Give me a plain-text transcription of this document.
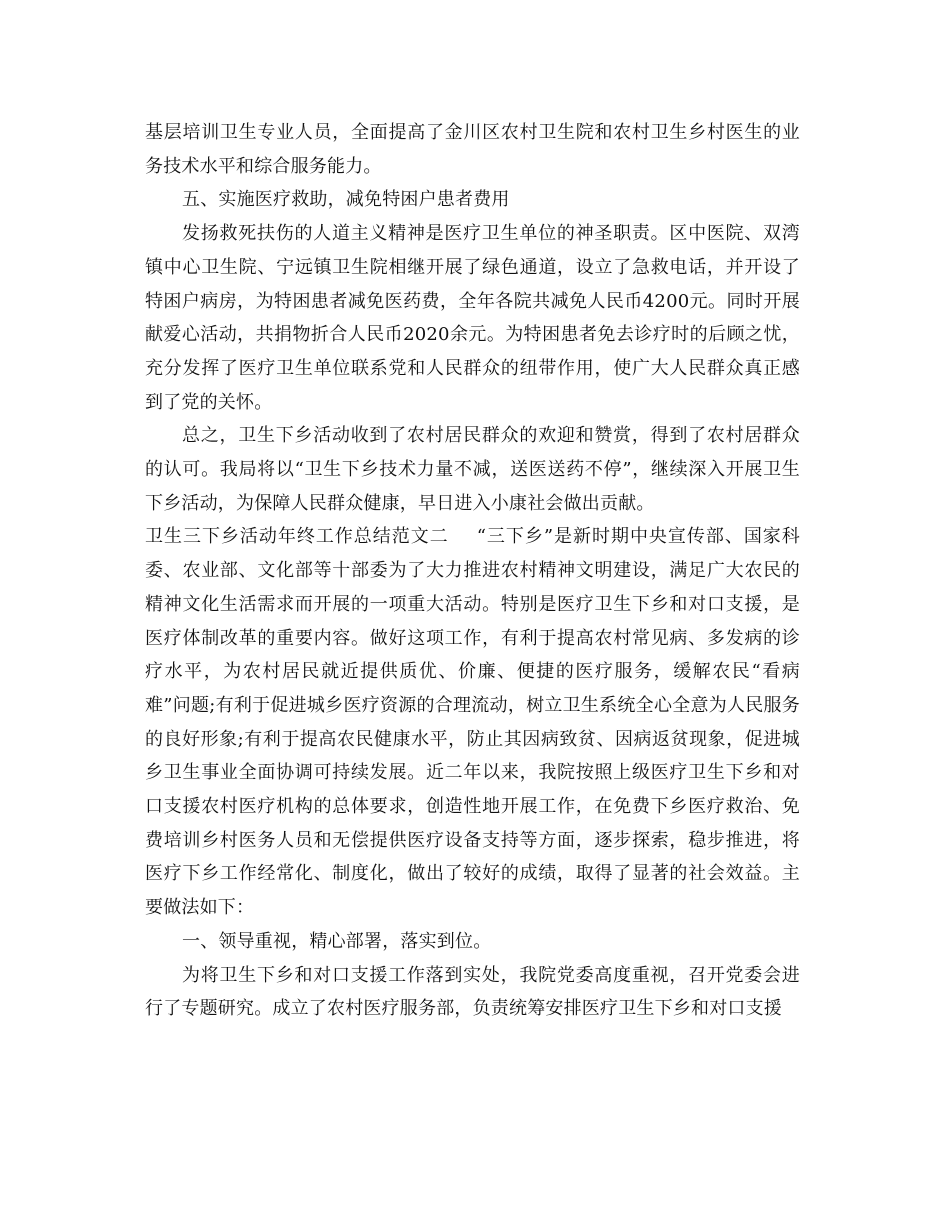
基层培训卫生专业人员，全面提高了金川区农村卫生院和农村卫生乡村医生的业务技术水平和综合服务能力。

五、实施医疗救助，减免特困户患者费用

发扬救死扶伤的人道主义精神是医疗卫生单位的神圣职责。区中医院、双湾镇中心卫生院、宁远镇卫生院相继开展了绿色通道，设立了急救电话，并开设了特困户病房，为特困患者减免医药费，全年各院共减免人民币4200元。同时开展献爱心活动，共捐物折合人民币2020余元。为特困患者免去诊疗时的后顾之忧，充分发挥了医疗卫生单位联系党和人民群众的纽带作用，使广大人民群众真正感到了党的关怀。

总之，卫生下乡活动收到了农村居民群众的欢迎和赞赏，得到了农村居群众的认可。我局将以“卫生下乡技术力量不减，送医送药不停”，继续深入开展卫生下乡活动，为保障人民群众健康，早日进入小康社会做出贡献。

卫生三下乡活动年终工作总结范文二 “三下乡”是新时期中央宣传部、国家科委、农业部、文化部等十部委为了大力推进农村精神文明建设，满足广大农民的精神文化生活需求而开展的一项重大活动。特别是医疗卫生下乡和对口支援，是医疗体制改革的重要内容。做好这项工作，有利于提高农村常见病、多发病的诊疗水平，为农村居民就近提供质优、价廉、便捷的医疗服务，缓解农民“看病难”问题;有利于促进城乡医疗资源的合理流动，树立卫生系统全心全意为人民服务的良好形象;有利于提高农民健康水平，防止其因病致贫、因病返贫现象，促进城乡卫生事业全面协调可持续发展。近二年以来，我院按照上级医疗卫生下乡和对口支援农村医疗机构的总体要求，创造性地开展工作，在免费下乡医疗救治、免费培训乡村医务人员和无偿提供医疗设备支持等方面，逐步探索，稳步推进，将医疗下乡工作经常化、制度化，做出了较好的成绩，取得了显著的社会效益。主要做法如下：

一、领导重视，精心部署，落实到位。

为将卫生下乡和对口支援工作落到实处，我院党委高度重视，召开党委会进行了专题研究。成立了农村医疗服务部，负责统筹安排医疗卫生下乡和对口支援
